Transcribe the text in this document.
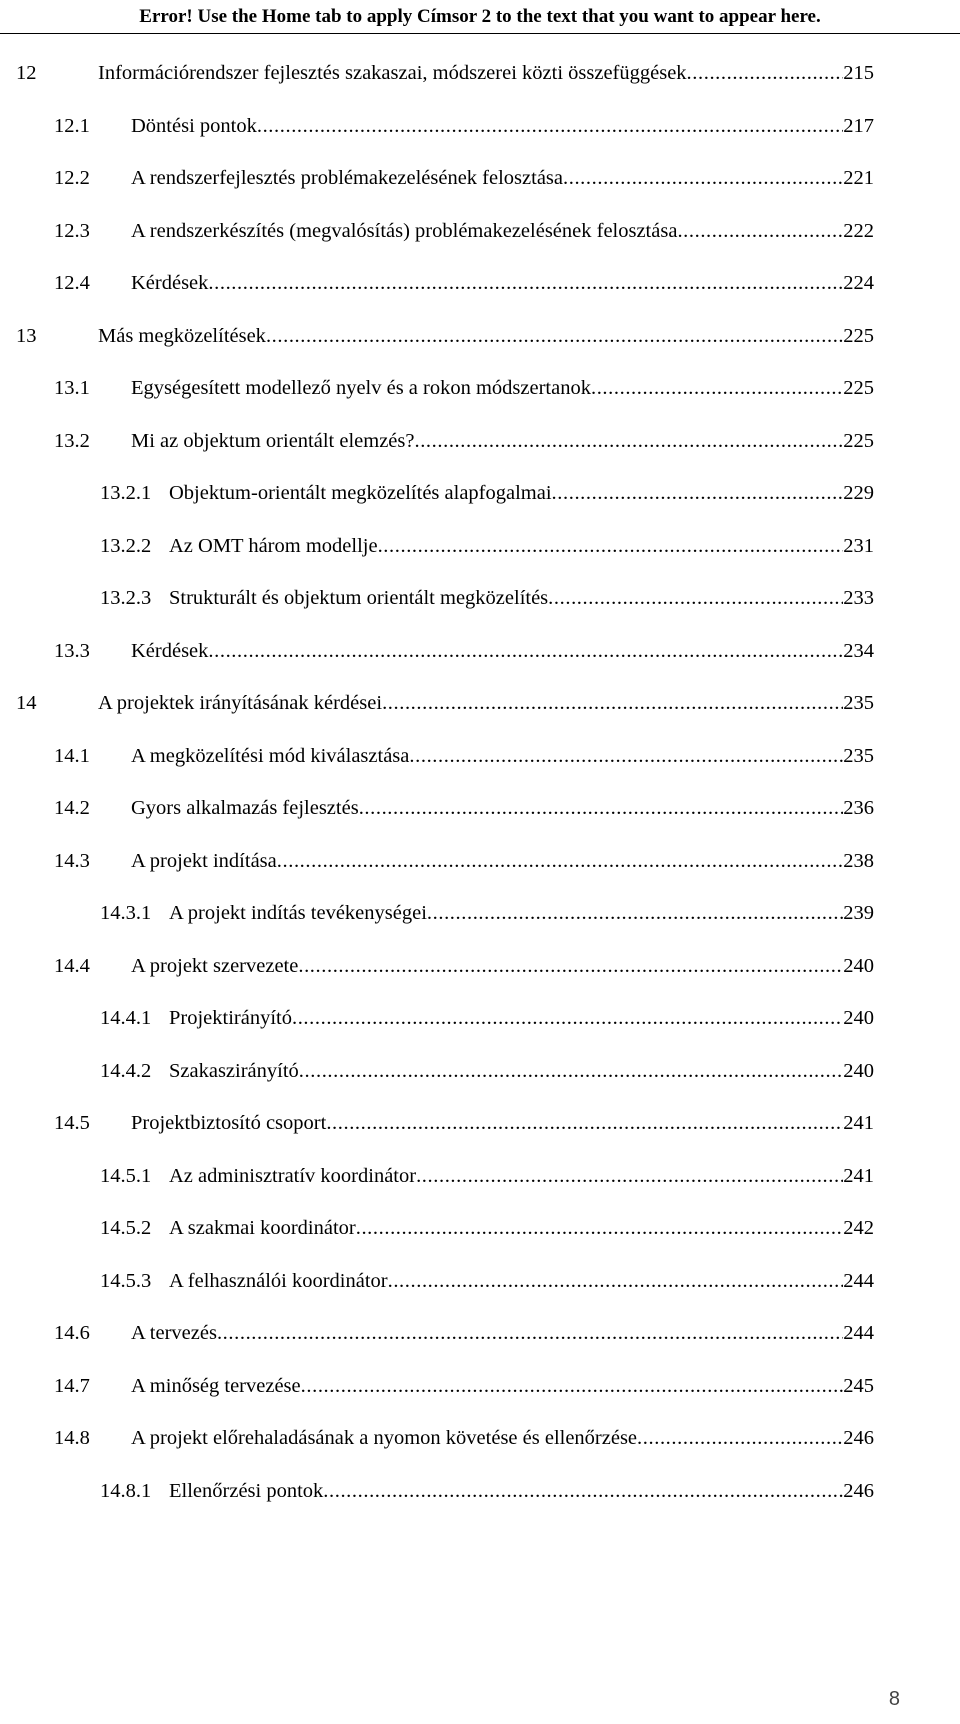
Error! Use the Home tab to apply Címsor 2 to the text that you want to appear here.
12	Információrendszer fejlesztés szakaszai, módszerei közti összefüggések .....	215
12.1 Döntési pontok .....	217
12.2 A rendszerfejlesztés problémakezelésének felosztása .....	221
12.3 A rendszerkészítés (megvalósítás) problémakezelésének felosztása .....	222
12.4 Kérdések .....	224
13	Más megközelítések .....	225
13.1 Egységesített modellező nyelv és a rokon módszertanok .....	225
13.2 Mi az objektum orientált elemzés? .....	225
13.2.1 Objektum-orientált megközelítés alapfogalmai .....	229
13.2.2 Az OMT három modellje .....	231
13.2.3 Strukturált és objektum orientált megközelítés .....	233
13.3 Kérdések .....	234
14	A projektek irányításának kérdései .....	235
14.1 A megközelítési mód kiválasztása .....	235
14.2 Gyors alkalmazás fejlesztés .....	236
14.3 A projekt indítása .....	238
14.3.1 A projekt indítás tevékenységei .....	239
14.4 A projekt szervezete .....	240
14.4.1 Projektirányító .....	240
14.4.2 Szakaszirányító .....	240
14.5 Projektbiztosító csoport .....	241
14.5.1 Az adminisztratív koordinátor .....	241
14.5.2 A szakmai koordinátor .....	242
14.5.3 A felhasználói koordinátor .....	244
14.6 A tervezés .....	244
14.7 A minőség tervezése .....	245
14.8 A projekt előrehaladásának a nyomon követése és ellenőrzése .....	246
14.8.1 Ellenőrzési pontok .....	246
8
